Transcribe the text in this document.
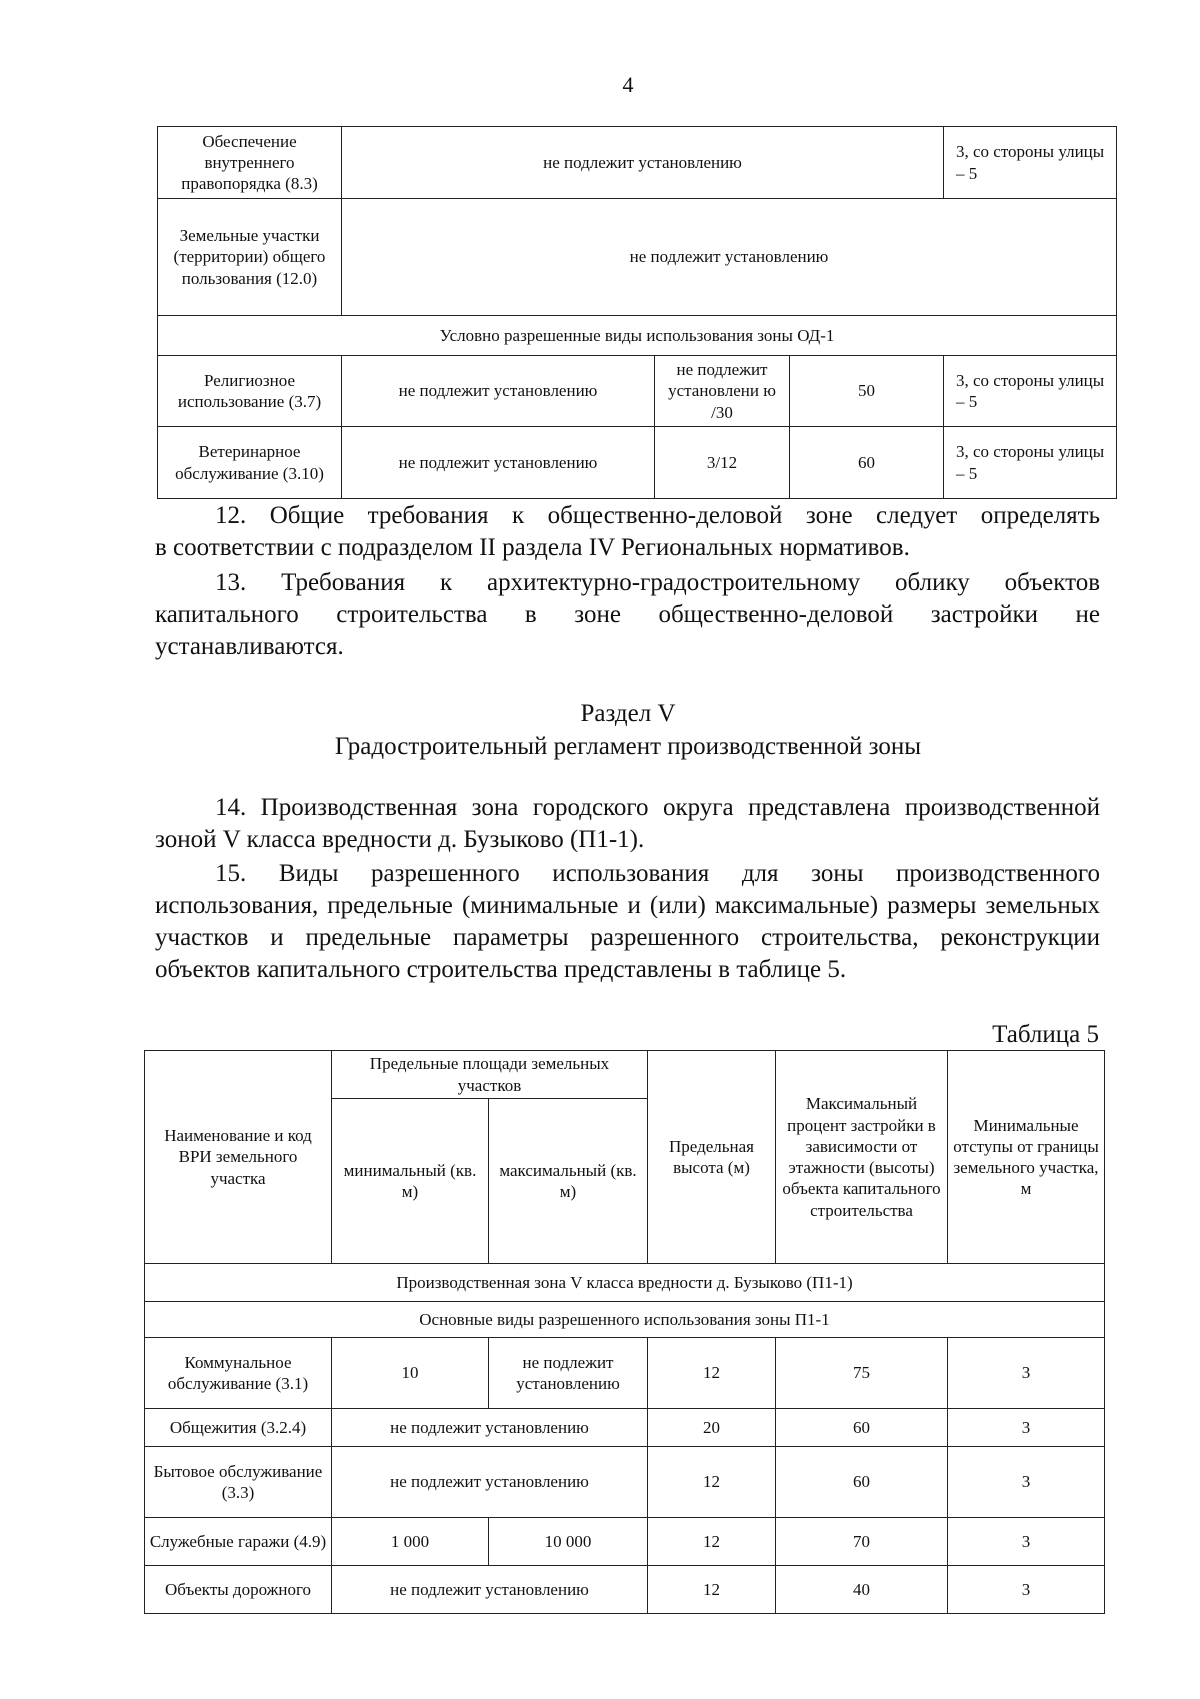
4
Обеспечение внутреннего правопорядка (8.3)	не подлежит установлению			3, со стороны улицы – 5
Земельные участки (территории) общего пользования (12.0)	не подлежит установлению			
Условно разрешенные виды использования зоны ОД-1				
Религиозное использование (3.7)	не подлежит установлению	не подлежит установлени ю /30	50	3, со стороны улицы – 5
Ветеринарное обслуживание (3.10)	не подлежит установлению	3/12	60	3, со стороны улицы – 5

12. Общие требования к общественно-деловой зоне следует определять

в соответствии с подразделом II раздела IV Региональных нормативов.

13. Требования к архитектурно-градостроительному облику объектов капитального строительства в зоне общественно-деловой застройки не устанавливаются.

Раздел V

Градостроительный регламент производственной зоны

14. Производственная зона городского округа представлена производственной зоной V класса вредности д. Бузыково (П1-1).

15. Виды разрешенного использования для зоны производственного использования, предельные (минимальные и (или) максимальные) размеры земельных участков и предельные параметры разрешенного строительства, реконструкции объектов капитального строительства представлены в таблице 5.

Таблица 5

Наименование и код ВРИ земельного участка	Предельные площади земельных участков		Предельная высота (м)	Максимальный процент застройки в зависимости от этажности (высоты) объекта капитального строительства	Минимальные отступы от границы земельного участка, м
	минимальный (кв. м)	максимальный (кв. м)			
Производственная зона V класса вредности д. Бузыково (П1-1)					
Основные виды разрешенного использования зоны П1-1					
Коммунальное обслуживание (3.1)	10	не подлежит установлению	12	75	3
Общежития (3.2.4)	не подлежит установлению		20	60	3
Бытовое обслуживание (3.3)	не подлежит установлению		12	60	3
Служебные гаражи (4.9)	1 000	10 000	12	70	3
Объекты дорожного	не подлежит установлению		12	40	3
